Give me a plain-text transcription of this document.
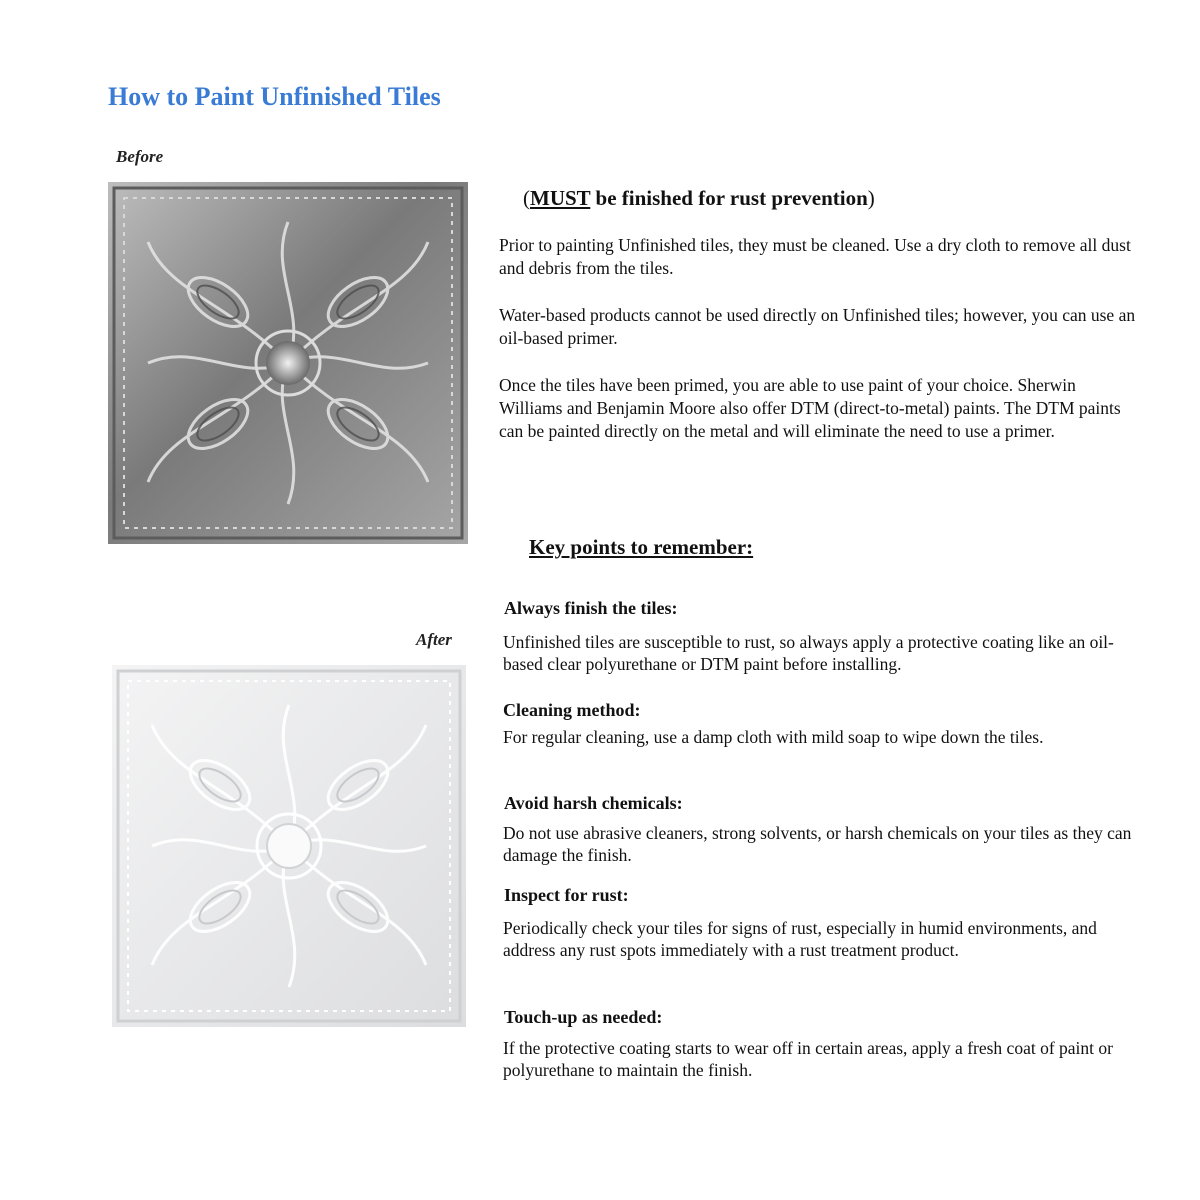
How to Paint Unfinished Tiles
Before
After
(MUST be finished for rust prevention)
Prior to painting Unfinished tiles, they must be cleaned. Use a dry cloth to remove all dust and debris from the tiles.
Water-based products cannot be used directly on Unfinished tiles; however, you can use an oil-based primer.
Once the tiles have been primed, you are able to use paint of your choice. Sherwin Williams and Benjamin Moore also offer DTM (direct-to-metal) paints. The DTM paints can be painted directly on the metal and will eliminate the need to use a primer.
Key points to remember:
Always finish the tiles:
Unfinished tiles are susceptible to rust, so always apply a protective coating like an oil-based clear polyurethane or DTM paint before installing.
Cleaning method:
For regular cleaning, use a damp cloth with mild soap to wipe down the tiles.
Avoid harsh chemicals:
Do not use abrasive cleaners, strong solvents, or harsh chemicals on your tiles as they can damage the finish.
Inspect for rust:
Periodically check your tiles for signs of rust, especially in humid environments, and address any rust spots immediately with a rust treatment product.
Touch-up as needed:
If the protective coating starts to wear off in certain areas, apply a fresh coat of paint or polyurethane to maintain the finish.
